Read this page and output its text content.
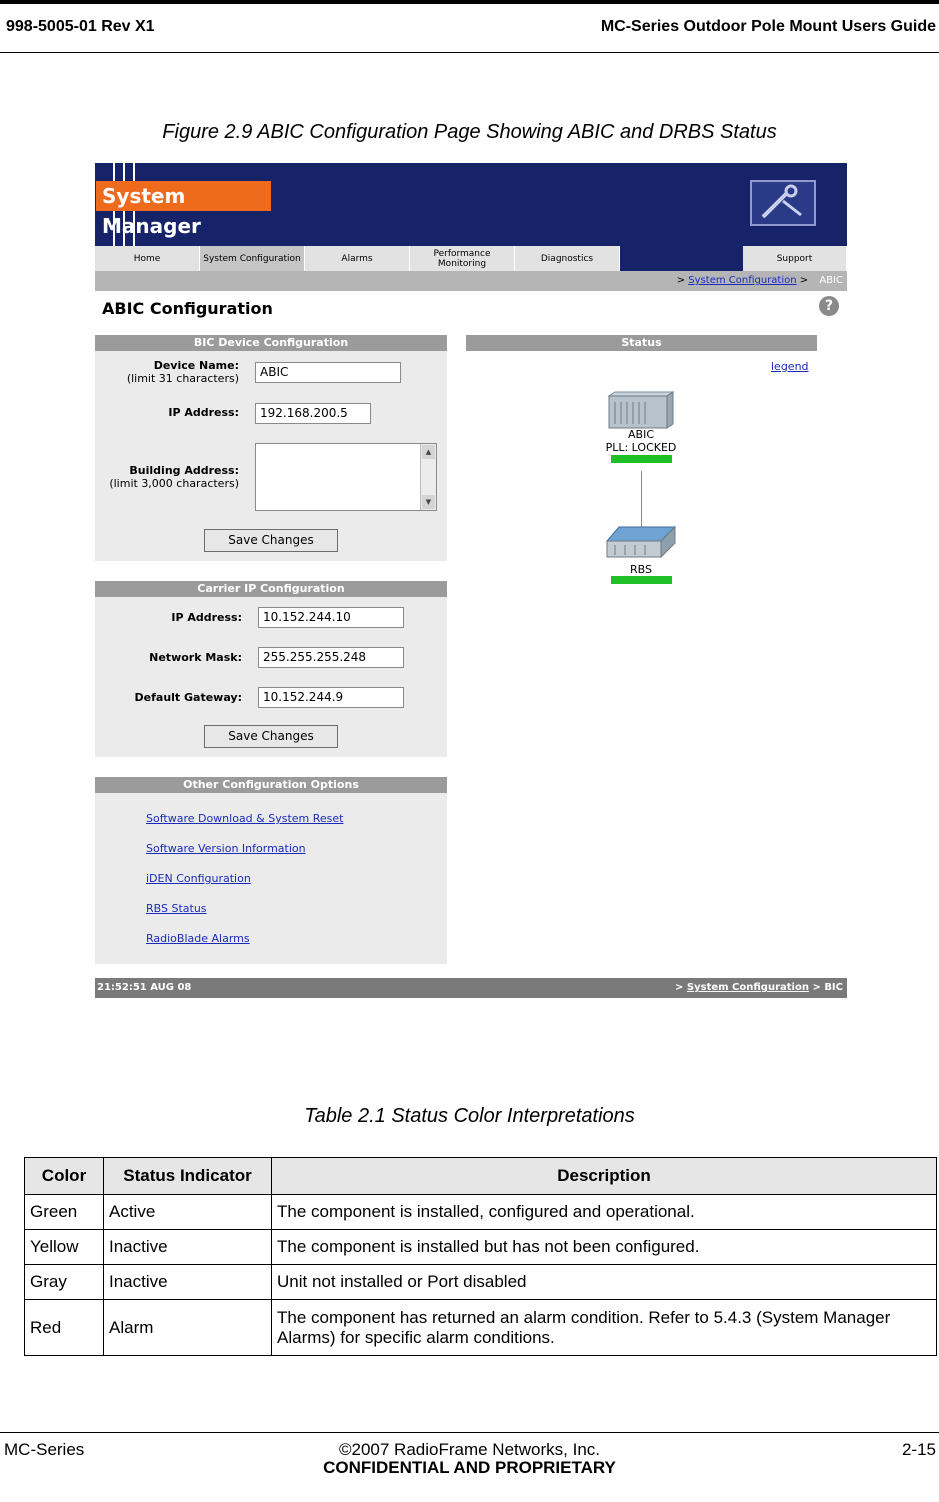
998-5005-01 Rev X1	MC-Series Outdoor Pole Mount Users Guide
Figure 2.9 ABIC Configuration Page Showing ABIC and DRBS Status
System Manager
Home	System Configuration	Alarms	Performance Monitoring	Diagnostics	Support
> System Configuration > ABIC
ABIC Configuration	?
BIC Device Configuration
Device Name:
(limit 31 characters)	ABIC
IP Address:	192.168.200.5
Building Address:
(limit 3,000 characters)
▲
▼
Save Changes
Carrier IP Configuration
IP Address:	10.152.244.10
Network Mask:	255.255.255.248
Default Gateway:	10.152.244.9
Save Changes
Other Configuration Options
Software Download & System Reset
Software Version Information
iDEN Configuration
RBS Status
RadioBlade Alarms
Status
legend
ABIC
PLL: LOCKED
RBS
21:52:51 AUG 08	> System Configuration > BIC
Table 2.1 Status Color Interpretations
Color	Status Indicator	Description
Green	Active	The component is installed, configured and operational.
Yellow	Inactive	The component is installed but has not been configured.
Gray	Inactive	Unit not installed or Port disabled
Red	Alarm	The component has returned an alarm condition. Refer to 5.4.3 (System Manager Alarms) for specific alarm conditions.
MC-Series	©2007 RadioFrame Networks, Inc.
CONFIDENTIAL AND PROPRIETARY
2-15
